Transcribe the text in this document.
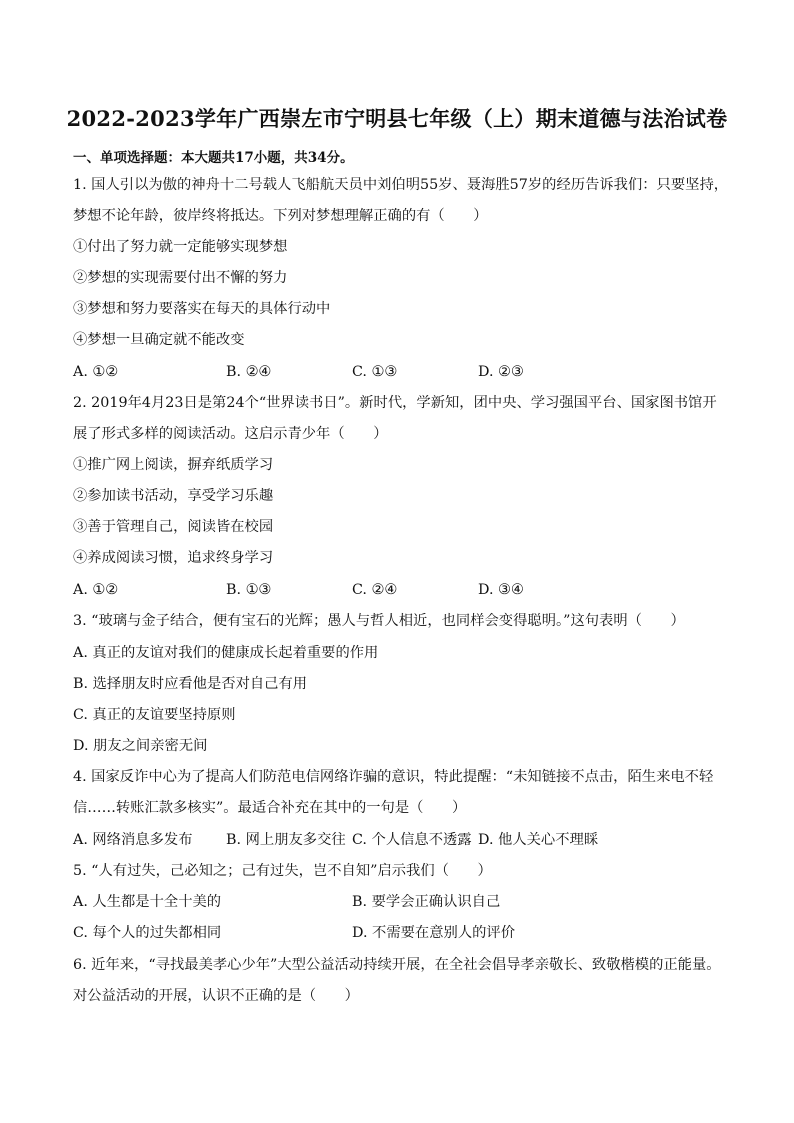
2022-2023学年广西崇左市宁明县七年级（上）期末道德与法治试卷
一、单项选择题：本大题共17小题，共34分。
1. 国人引以为傲的神舟十二号载人飞船航天员中刘伯明55岁、聂海胜57岁的经历告诉我们：只要坚持，
梦想不论年龄，彼岸终将抵达。下列对梦想理解正确的有（　　）
①付出了努力就一定能够实现梦想
②梦想的实现需要付出不懈的努力
③梦想和努力要落实在每天的具体行动中
④梦想一旦确定就不能改变
A. ①②	B. ②④	C. ①③	D. ②③
2. 2019年4月23日是第24个“世界读书日”。新时代，学新知，团中央、学习强国平台、国家图书馆开
展了形式多样的阅读活动。这启示青少年（　　）
①推广网上阅读，摒弃纸质学习
②参加读书活动，享受学习乐趣
③善于管理自己，阅读皆在校园
④养成阅读习惯，追求终身学习
A. ①②	B. ①③	C. ②④	D. ③④
3. “玻璃与金子结合，便有宝石的光辉；愚人与哲人相近，也同样会变得聪明。”这句表明（　　）
A. 真正的友谊对我们的健康成长起着重要的作用
B. 选择朋友时应看他是否对自己有用
C. 真正的友谊要坚持原则
D. 朋友之间亲密无间
4. 国家反诈中心为了提高人们防范电信网络诈骗的意识，特此提醒：“未知链接不点击，陌生来电不轻
信……转账汇款多核实”。最适合补充在其中的一句是（　　）
A. 网络消息多发布 B. 网上朋友多交往 C. 个人信息不透露 D. 他人关心不理睬
5. “人有过失，己必知之；己有过失，岂不自知”启示我们（　　）
A. 人生都是十全十美的	B. 要学会正确认识自己
C. 每个人的过失都相同	D. 不需要在意别人的评价
6. 近年来，“寻找最美孝心少年”大型公益活动持续开展，在全社会倡导孝亲敬长、致敬楷模的正能量。
对公益活动的开展，认识不正确的是（　　）
